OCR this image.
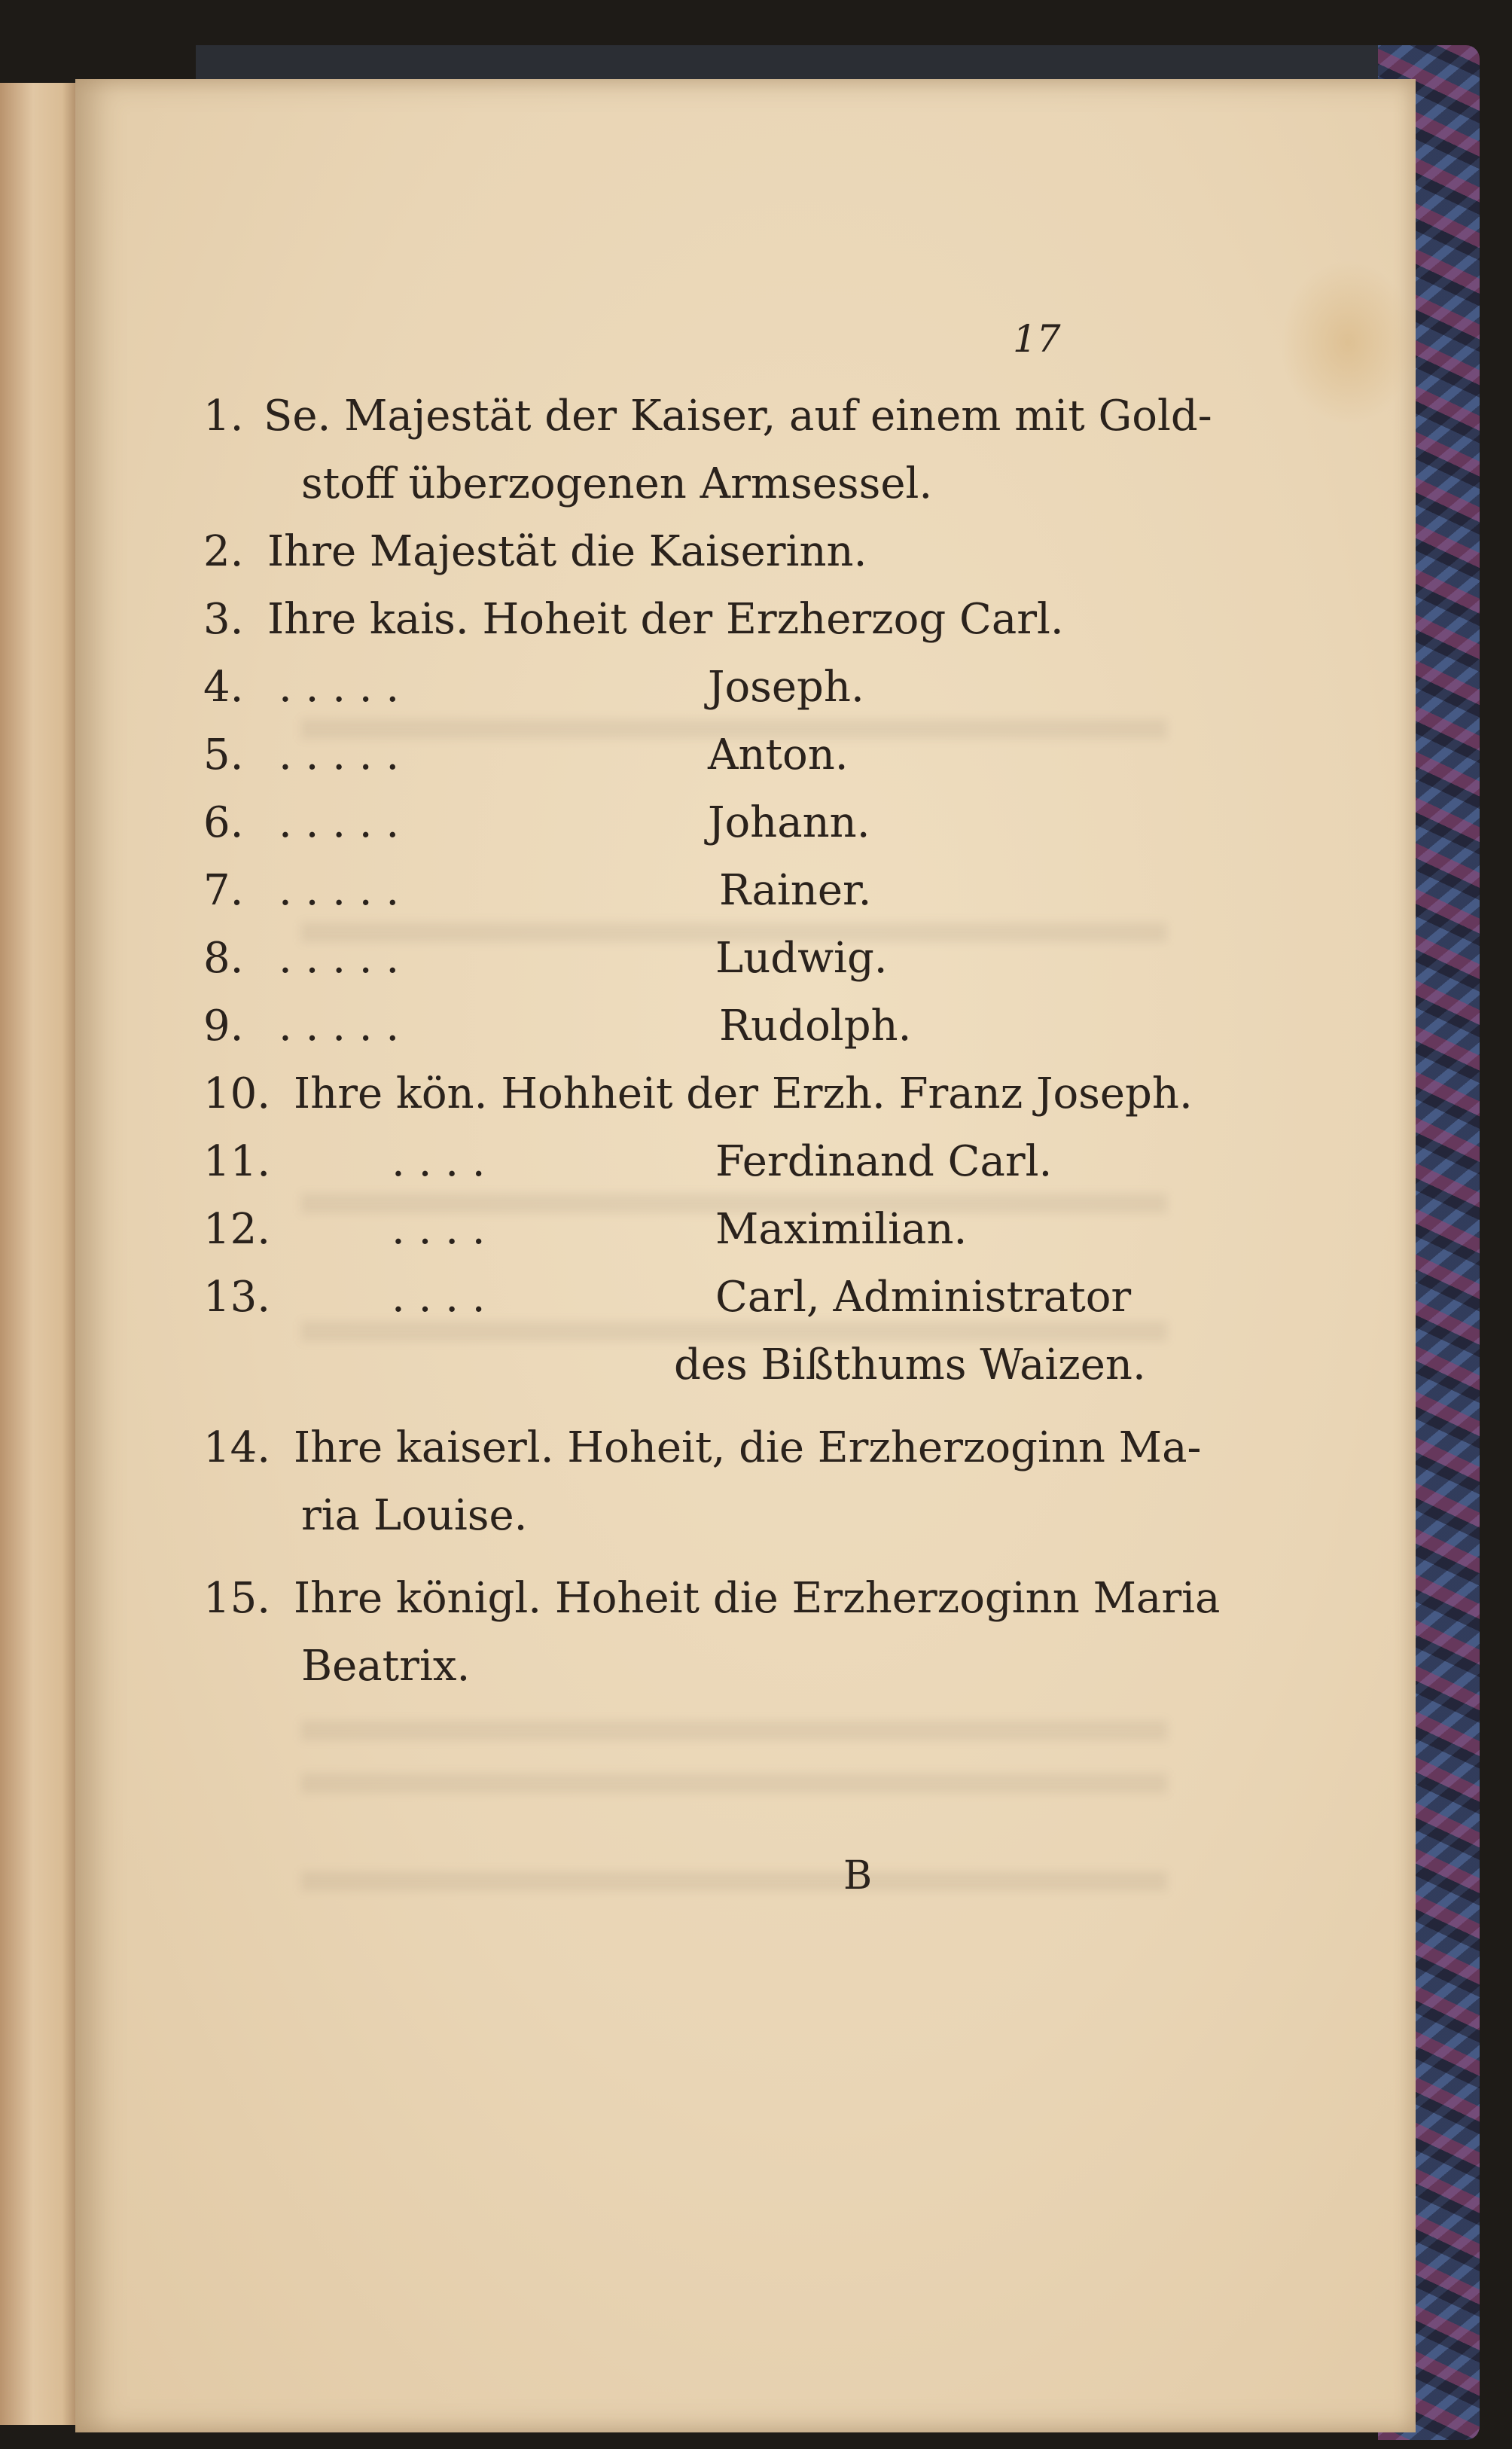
17
1. Se. Majestät der Kaiser, auf einem mit Gold-
stoff überzogenen Armsessel.
2. Ihre Majestät die Kaiserinn.
3. Ihre kais. Hoheit der Erzherzog Carl.
4. . . . . .	Joseph.
5. . . . . .	Anton.
6. . . . . .	Johann.
7. . . . . .	Rainer.
8. . . . . .	Ludwig.
9. . . . . .	Rudolph.
10. Ihre kön. Hohheit der Erzh. Franz Joseph.
11.	. . . .	Ferdinand Carl.
12.	. . . .	Maximilian.
13.	. . . .	Carl, Administrator
des Bißthums Waizen.
14. Ihre kaiserl. Hoheit, die Erzherzoginn Ma-
ria Louise.
15. Ihre königl. Hoheit die Erzherzoginn Maria
Beatrix.
B
